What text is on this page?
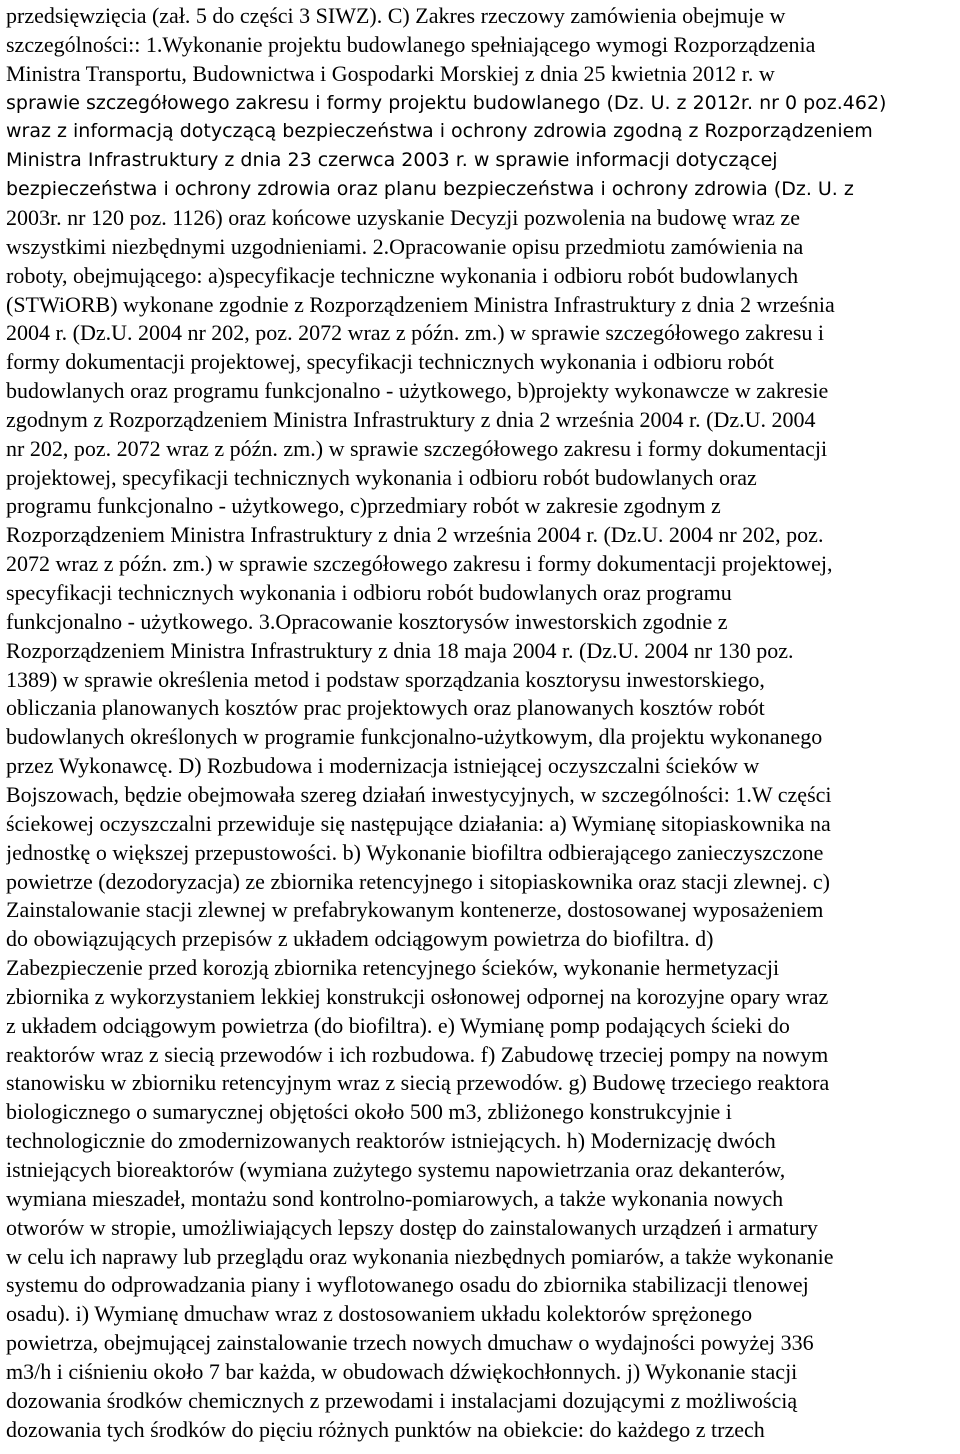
przedsięwzięcia (zał. 5 do części 3 SIWZ). C) Zakres rzeczowy zamówienia obejmuje w
szczególności:: 1.Wykonanie projektu budowlanego spełniającego wymogi Rozporządzenia
Ministra Transportu, Budownictwa i Gospodarki Morskiej z dnia 25 kwietnia 2012 r. w
sprawie szczegółowego zakresu i formy projektu budowlanego (Dz. U. z 2012r. nr 0 poz.462)
wraz z informacją dotyczącą bezpieczeństwa i ochrony zdrowia zgodną z Rozporządzeniem
Ministra Infrastruktury z dnia 23 czerwca 2003 r. w sprawie informacji dotyczącej
bezpieczeństwa i ochrony zdrowia oraz planu bezpieczeństwa i ochrony zdrowia (Dz. U. z
2003r. nr 120 poz. 1126) oraz końcowe uzyskanie Decyzji pozwolenia na budowę wraz ze
wszystkimi niezbędnymi uzgodnieniami. 2.Opracowanie opisu przedmiotu zamówienia na
roboty, obejmującego: a)specyfikacje techniczne wykonania i odbioru robót budowlanych
(STWiORB) wykonane zgodnie z Rozporządzeniem Ministra Infrastruktury z dnia 2 września
2004 r. (Dz.U. 2004 nr 202, poz. 2072 wraz z późn. zm.) w sprawie szczegółowego zakresu i
formy dokumentacji projektowej, specyfikacji technicznych wykonania i odbioru robót
budowlanych oraz programu funkcjonalno - użytkowego, b)projekty wykonawcze w zakresie
zgodnym z Rozporządzeniem Ministra Infrastruktury z dnia 2 września 2004 r. (Dz.U. 2004
nr 202, poz. 2072 wraz z późn. zm.) w sprawie szczegółowego zakresu i formy dokumentacji
projektowej, specyfikacji technicznych wykonania i odbioru robót budowlanych oraz
programu funkcjonalno - użytkowego, c)przedmiary robót w zakresie zgodnym z
Rozporządzeniem Ministra Infrastruktury z dnia 2 września 2004 r. (Dz.U. 2004 nr 202, poz.
2072 wraz z późn. zm.) w sprawie szczegółowego zakresu i formy dokumentacji projektowej,
specyfikacji technicznych wykonania i odbioru robót budowlanych oraz programu
funkcjonalno - użytkowego. 3.Opracowanie kosztorysów inwestorskich zgodnie z
Rozporządzeniem Ministra Infrastruktury z dnia 18 maja 2004 r. (Dz.U. 2004 nr 130 poz.
1389) w sprawie określenia metod i podstaw sporządzania kosztorysu inwestorskiego,
obliczania planowanych kosztów prac projektowych oraz planowanych kosztów robót
budowlanych określonych w programie funkcjonalno-użytkowym, dla projektu wykonanego
przez Wykonawcę. D) Rozbudowa i modernizacja istniejącej oczyszczalni ścieków w
Bojszowach, będzie obejmowała szereg działań inwestycyjnych, w szczególności: 1.W części
ściekowej oczyszczalni przewiduje się następujące działania: a) Wymianę sitopiaskownika na
jednostkę o większej przepustowości. b) Wykonanie biofiltra odbierającego zanieczyszczone
powietrze (dezodoryzacja) ze zbiornika retencyjnego i sitopiaskownika oraz stacji zlewnej. c)
Zainstalowanie stacji zlewnej w prefabrykowanym kontenerze, dostosowanej wyposażeniem
do obowiązujących przepisów z układem odciągowym powietrza do biofiltra. d)
Zabezpieczenie przed korozją zbiornika retencyjnego ścieków, wykonanie hermetyzacji
zbiornika z wykorzystaniem lekkiej konstrukcji osłonowej odpornej na korozyjne opary wraz
z układem odciągowym powietrza (do biofiltra). e) Wymianę pomp podających ścieki do
reaktorów wraz z siecią przewodów i ich rozbudowa. f) Zabudowę trzeciej pompy na nowym
stanowisku w zbiorniku retencyjnym wraz z siecią przewodów. g) Budowę trzeciego reaktora
biologicznego o sumarycznej objętości około 500 m3, zbliżonego konstrukcyjnie i
technologicznie do zmodernizowanych reaktorów istniejących. h) Modernizację dwóch
istniejących bioreaktorów (wymiana zużytego systemu napowietrzania oraz dekanterów,
wymiana mieszadeł, montażu sond kontrolno-pomiarowych, a także wykonania nowych
otworów w stropie, umożliwiających lepszy dostęp do zainstalowanych urządzeń i armatury
w celu ich naprawy lub przeglądu oraz wykonania niezbędnych pomiarów, a także wykonanie
systemu do odprowadzania piany i wyflotowanego osadu do zbiornika stabilizacji tlenowej
osadu). i) Wymianę dmuchaw wraz z dostosowaniem układu kolektorów sprężonego
powietrza, obejmującej zainstalowanie trzech nowych dmuchaw o wydajności powyżej 336
m3/h i ciśnieniu około 7 bar każda, w obudowach dźwiękochłonnych. j) Wykonanie stacji
dozowania środków chemicznych z przewodami i instalacjami dozującymi z możliwością
dozowania tych środków do pięciu różnych punktów na obiekcie: do każdego z trzech
